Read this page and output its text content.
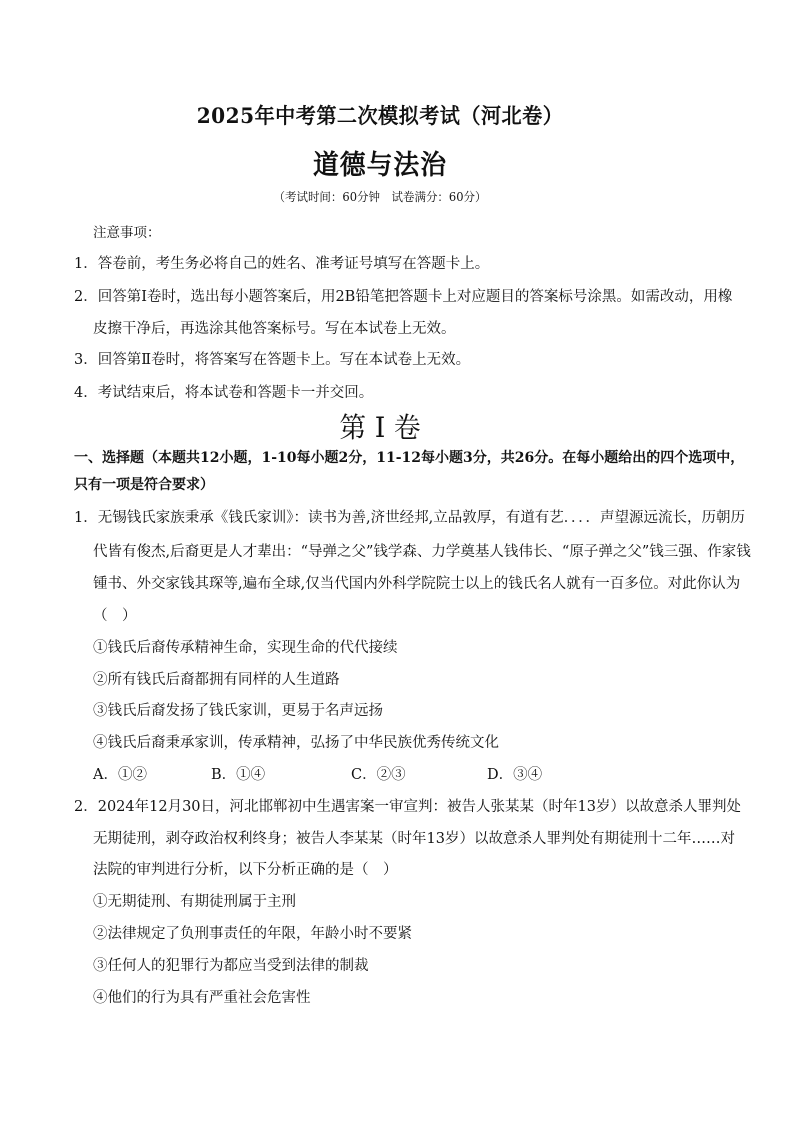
2025年中考第二次模拟考试（河北卷）
道德与法治
（考试时间：60分钟　试卷满分：60分）
注意事项：
1．答卷前，考生务必将自己的姓名、准考证号填写在答题卡上。
2．回答第Ⅰ卷时，选出每小题答案后，用2B铅笔把答题卡上对应题目的答案标号涂黑。如需改动，用橡
皮擦干净后，再选涂其他答案标号。写在本试卷上无效。
3．回答第Ⅱ卷时，将答案写在答题卡上。写在本试卷上无效。
4．考试结束后，将本试卷和答题卡一并交回。
第 I 卷
一、选择题（本题共12小题，1-10每小题2分，11-12每小题3分，共26分。在每小题给出的四个选项中，
只有一项是符合要求）
1．无锡钱氏家族秉承《钱氏家训》：读书为善,济世经邦,立品敦厚，有道有艺．．．．声望源远流长，历朝历
代皆有俊杰,后裔更是人才辈出：“导弹之父”钱学森、力学奠基人钱伟长、“原子弹之父”钱三强、作家钱
锺书、外交家钱其琛等,遍布全球,仅当代国内外科学院院士以上的钱氏名人就有一百多位。对此你认为
（　）
①钱氏后裔传承精神生命，实现生命的代代接续
②所有钱氏后裔都拥有同样的人生道路
③钱氏后裔发扬了钱氏家训，更易于名声远扬
④钱氏后裔秉承家训，传承精神，弘扬了中华民族优秀传统文化
A．①②	B．①④	C．②③	D．③④
2．2024年12月30日，河北邯郸初中生遇害案一审宣判：被告人张某某（时年13岁）以故意杀人罪判处
无期徒刑，剥夺政治权利终身；被告人李某某（时年13岁）以故意杀人罪判处有期徒刑十二年……对
法院的审判进行分析，以下分析正确的是（　）
①无期徒刑、有期徒刑属于主刑
②法律规定了负刑事责任的年限，年龄小时不要紧
③任何人的犯罪行为都应当受到法律的制裁
④他们的行为具有严重社会危害性
